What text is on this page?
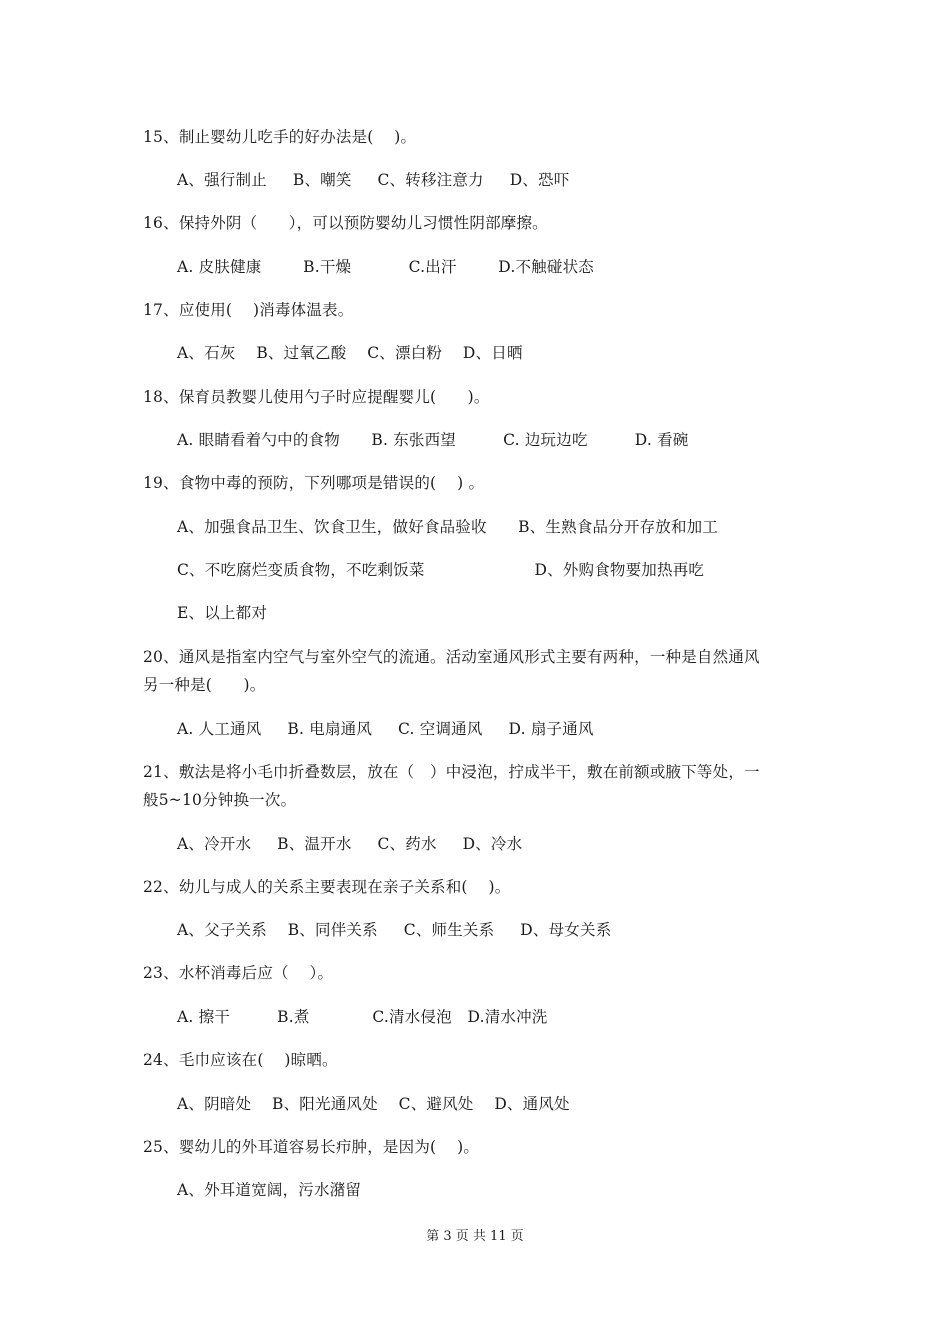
15、制止婴幼儿吃手的好办法是(　 )。
A、强行制止　  B、嘲笑　  C、转移注意力　  D、恐吓
16、保持外阴（　　），可以预防婴幼儿习惯性阴部摩擦。
A. 皮肤健康　　  B.干燥　　　  C.出汗　　  D.不触碰状态
17、应使用(　 )消毒体温表。
A、石灰　 B、过氧乙酸　 C、漂白粉　 D、日晒
18、保育员教婴儿使用勺子时应提醒婴儿(　　)。
A. 眼睛看着勺中的食物　　B. 东张西望　　　C. 边玩边吃　　　D. 看碗
19、食物中毒的预防，下列哪项是错误的(　 ) 。
A、加强食品卫生、饮食卫生，做好食品验收　　B、生熟食品分开存放和加工
C、不吃腐烂变质食物，不吃剩饭菜　　　　　　　D、外购食物要加热再吃
E、以上都对
20、通风是指室内空气与室外空气的流通。活动室通风形式主要有两种，一种是自然通风
另一种是(　　)。
A. 人工通风　  B. 电扇通风　  C. 空调通风　  D. 扇子通风
21、敷法是将小毛巾折叠数层，放在（　）中浸泡，拧成半干，敷在前额或腋下等处，一
般5~10分钟换一次。
A、冷开水　  B、温开水　  C、药水　  D、冷水
22、幼儿与成人的关系主要表现在亲子关系和(　 )。
A、父子关系　 B、同伴关系　  C、师生关系　  D、母女关系
23、水杯消毒后应（　 ）。
A. 擦干　　　B.煮　　　　C.清水侵泡　D.清水冲洗
24、毛巾应该在(　 )晾晒。
A、阴暗处　 B、阳光通风处　 C、避风处　 D、通风处
25、婴幼儿的外耳道容易长疖肿，是因为(　 )。
A、外耳道宽阔，污水潴留
第 3 页 共 11 页
